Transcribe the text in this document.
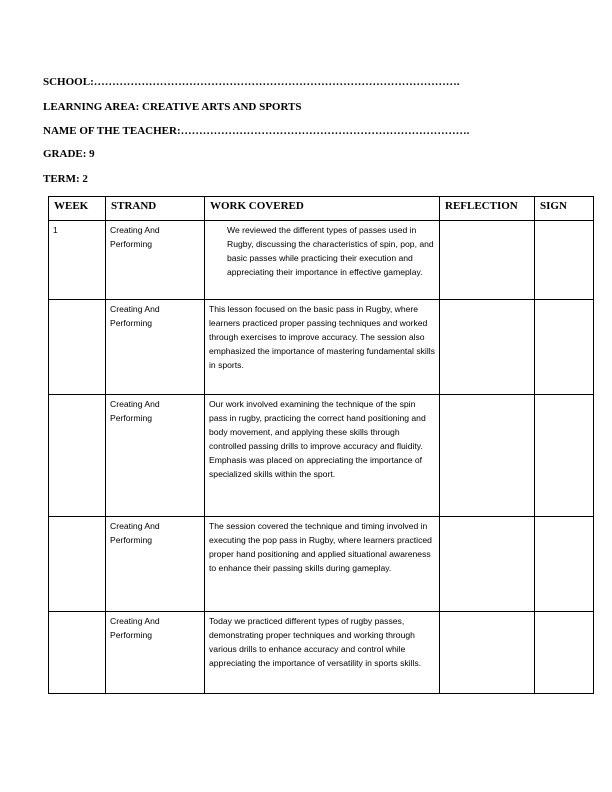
SCHOOL:……………………………………………………………………………………….
LEARNING AREA: CREATIVE ARTS AND SPORTS
NAME OF THE TEACHER:…………………………………………………………………….
GRADE: 9
TERM: 2
WEEK	STRAND	WORK COVERED	REFLECTION	SIGN
1	Creating And Performing	We reviewed the different types of passes used in Rugby, discussing the characteristics of spin, pop, and basic passes while practicing their execution and appreciating their importance in effective gameplay.		
	Creating And Performing	This lesson focused on the basic pass in Rugby, where learners practiced proper passing techniques and worked through exercises to improve accuracy. The session also emphasized the importance of mastering fundamental skills in sports.		
	Creating And Performing	Our work involved examining the technique of the spin pass in rugby, practicing the correct hand positioning and body movement, and applying these skills through controlled passing drills to improve accuracy and fluidity. Emphasis was placed on appreciating the importance of specialized skills within the sport.		
	Creating And Performing	The session covered the technique and timing involved in executing the pop pass in Rugby, where learners practiced proper hand positioning and applied situational awareness to enhance their passing skills during gameplay.		
	Creating And Performing	Today we practiced different types of rugby passes, demonstrating proper techniques and working through various drills to enhance accuracy and control while appreciating the importance of versatility in sports skills.		
